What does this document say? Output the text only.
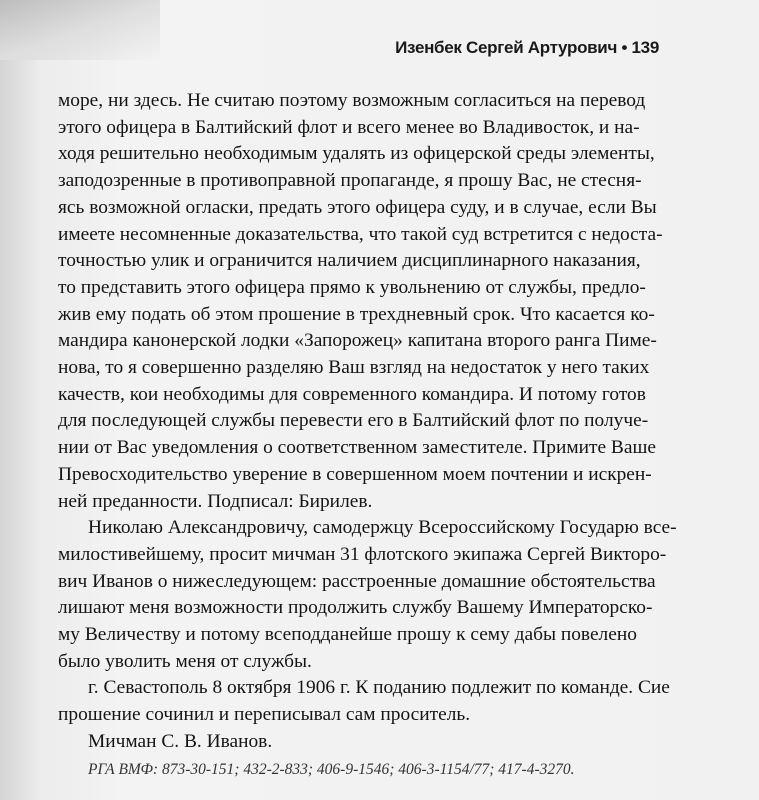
Изенбек Сергей Артурович • 139
море, ни здесь. Не считаю поэтому возможным согласиться на перевод
этого офицера в Балтийский флот и всего менее во Владивосток, и на-
ходя решительно необходимым удалять из офицерской среды элементы,
заподозренные в противоправной пропаганде, я прошу Вас, не стесня-
ясь возможной огласки, предать этого офицера суду, и в случае, если Вы
имеете несомненные доказательства, что такой суд встретится с недоста-
точностью улик и ограничится наличием дисциплинарного наказания,
то представить этого офицера прямо к увольнению от службы, предло-
жив ему подать об этом прошение в трехдневный срок. Что касается ко-
мандира канонерской лодки «Запорожец» капитана второго ранга Пиме-
нова, то я совершенно разделяю Ваш взгляд на недостаток у него таких
качеств, кои необходимы для современного командира. И потому готов
для последующей службы перевести его в Балтийский флот по получе-
нии от Вас уведомления о соответственном заместителе. Примите Ваше
Превосходительство уверение в совершенном моем почтении и искрен-
ней преданности. Подписал: Бирилев.
Николаю Александровичу, самодержцу Всероссийскому Государю все-
милостивейшему, просит мичман 31 флотского экипажа Сергей Викторо-
вич Иванов о нижеследующем: расстроенные домашние обстоятельства
лишают меня возможности продолжить службу Вашему Императорско-
му Величеству и потому всеподданейше прошу к сему дабы повелено
было уволить меня от службы.
г. Севастополь 8 октября 1906 г. К поданию подлежит по команде. Сие
прошение сочинил и переписывал сам проситель.
Мичман С. В. Иванов.
РГА ВМФ: 873-30-151; 432-2-833; 406-9-1546; 406-3-1154/77; 417-4-3270.
